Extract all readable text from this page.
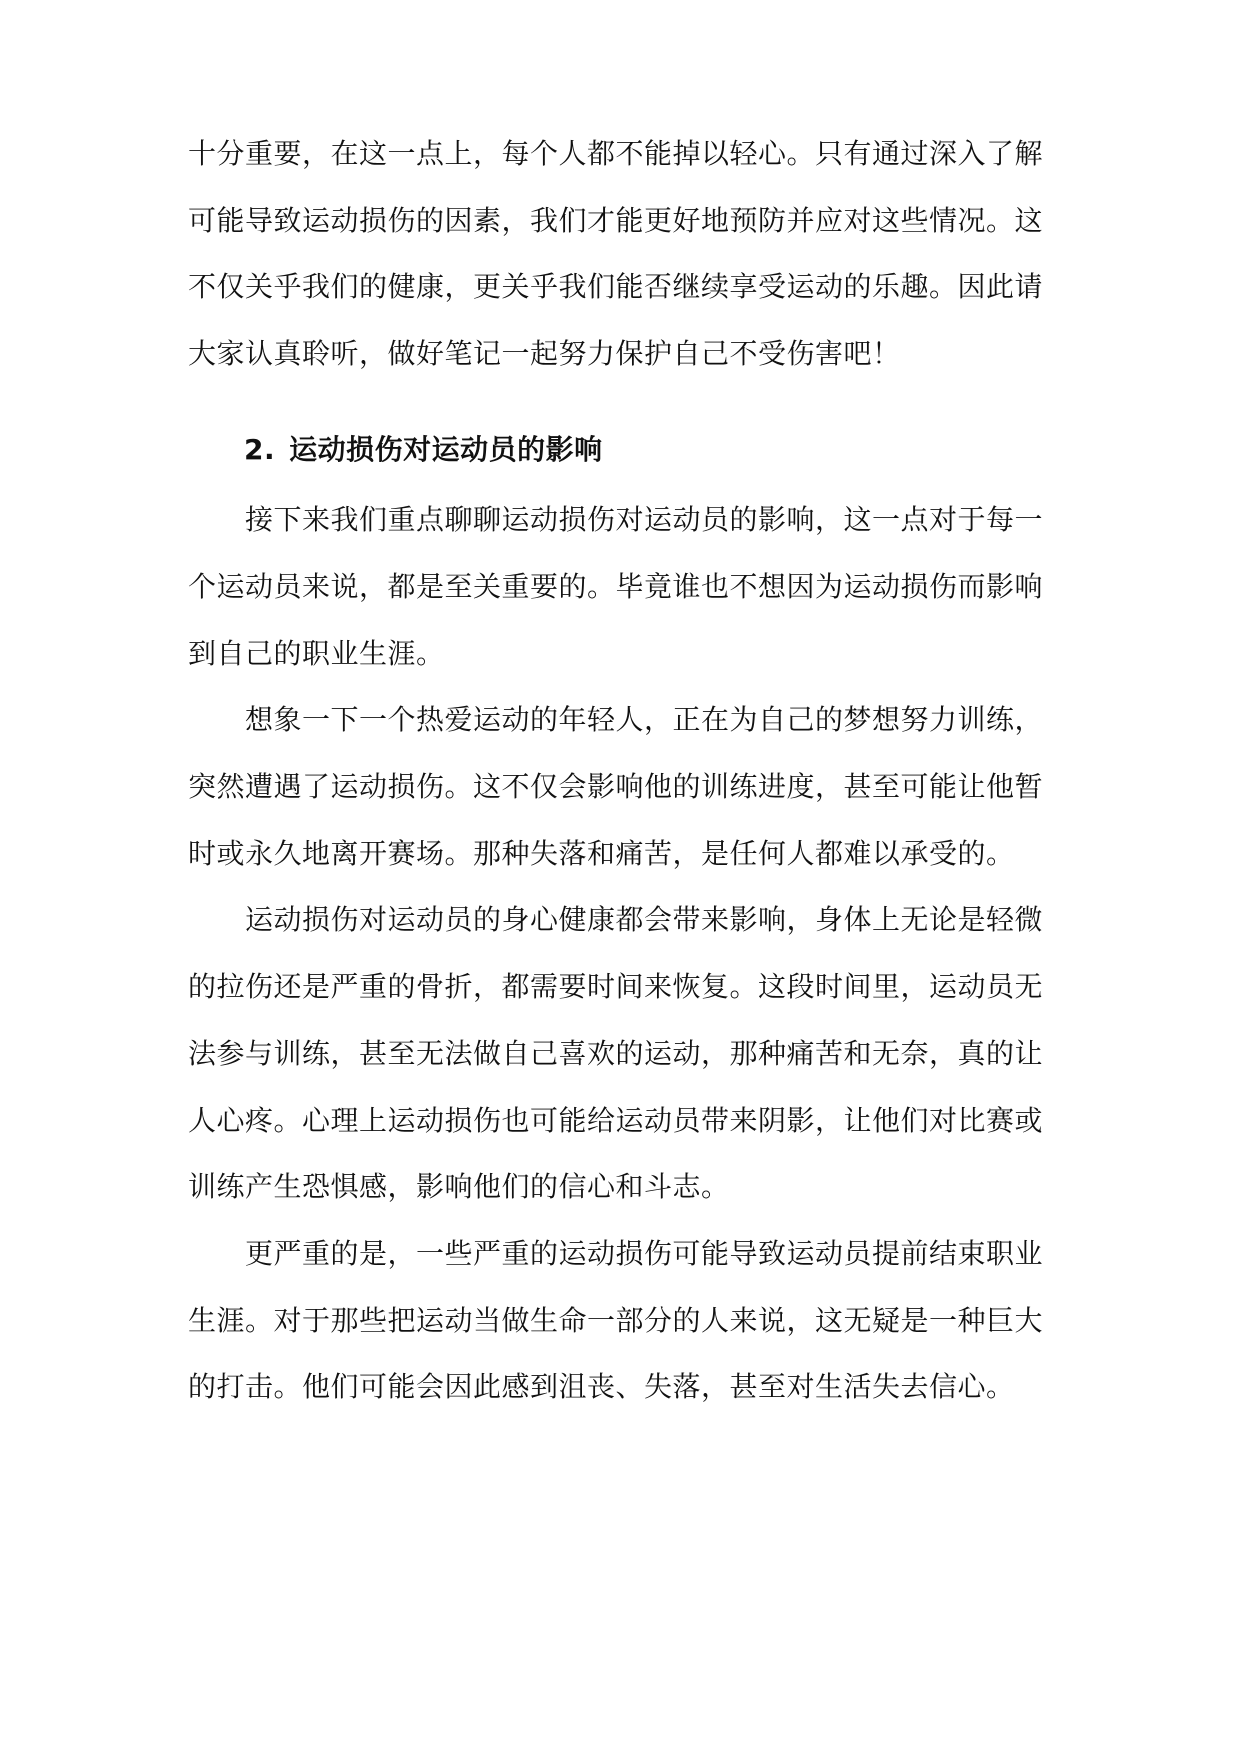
十分重要，在这一点上，每个人都不能掉以轻心。只有通过深入了解
可能导致运动损伤的因素，我们才能更好地预防并应对这些情况。这
不仅关乎我们的健康，更关乎我们能否继续享受运动的乐趣。因此请
大家认真聆听，做好笔记一起努力保护自己不受伤害吧！
2. 运动损伤对运动员的影响
接下来我们重点聊聊运动损伤对运动员的影响，这一点对于每一
个运动员来说，都是至关重要的。毕竟谁也不想因为运动损伤而影响
到自己的职业生涯。
想象一下一个热爱运动的年轻人，正在为自己的梦想努力训练，
突然遭遇了运动损伤。这不仅会影响他的训练进度，甚至可能让他暂
时或永久地离开赛场。那种失落和痛苦，是任何人都难以承受的。
运动损伤对运动员的身心健康都会带来影响，身体上无论是轻微
的拉伤还是严重的骨折，都需要时间来恢复。这段时间里，运动员无
法参与训练，甚至无法做自己喜欢的运动，那种痛苦和无奈，真的让
人心疼。心理上运动损伤也可能给运动员带来阴影，让他们对比赛或
训练产生恐惧感，影响他们的信心和斗志。
更严重的是，一些严重的运动损伤可能导致运动员提前结束职业
生涯。对于那些把运动当做生命一部分的人来说，这无疑是一种巨大
的打击。他们可能会因此感到沮丧、失落，甚至对生活失去信心。
